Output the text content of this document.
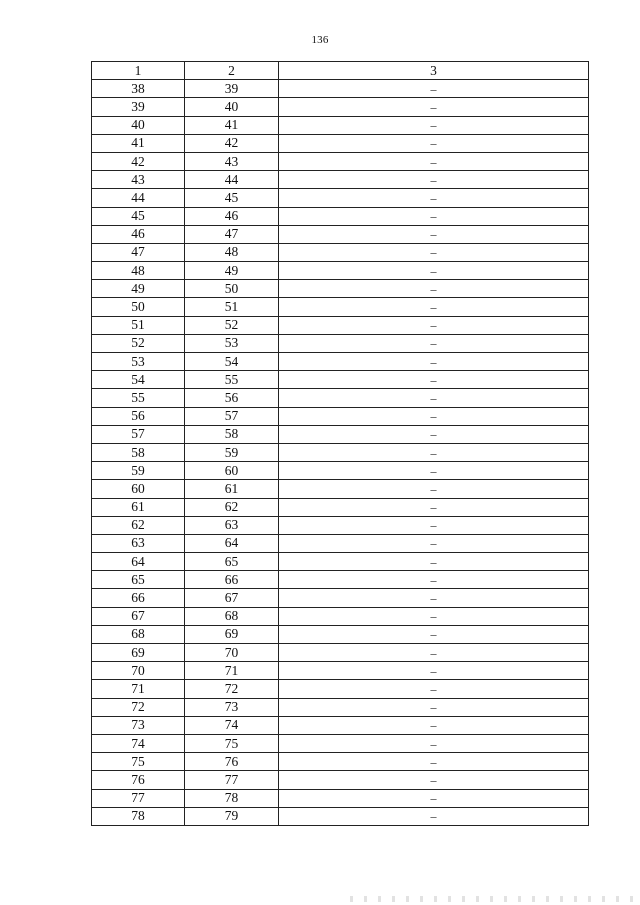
136
1	2	3
38	39	–
39	40	–
40	41	–
41	42	–
42	43	–
43	44	–
44	45	–
45	46	–
46	47	–
47	48	–
48	49	–
49	50	–
50	51	–
51	52	–
52	53	–
53	54	–
54	55	–
55	56	–
56	57	–
57	58	–
58	59	–
59	60	–
60	61	–
61	62	–
62	63	–
63	64	–
64	65	–
65	66	–
66	67	–
67	68	–
68	69	–
69	70	–
70	71	–
71	72	–
72	73	–
73	74	–
74	75	–
75	76	–
76	77	–
77	78	–
78	79	–
